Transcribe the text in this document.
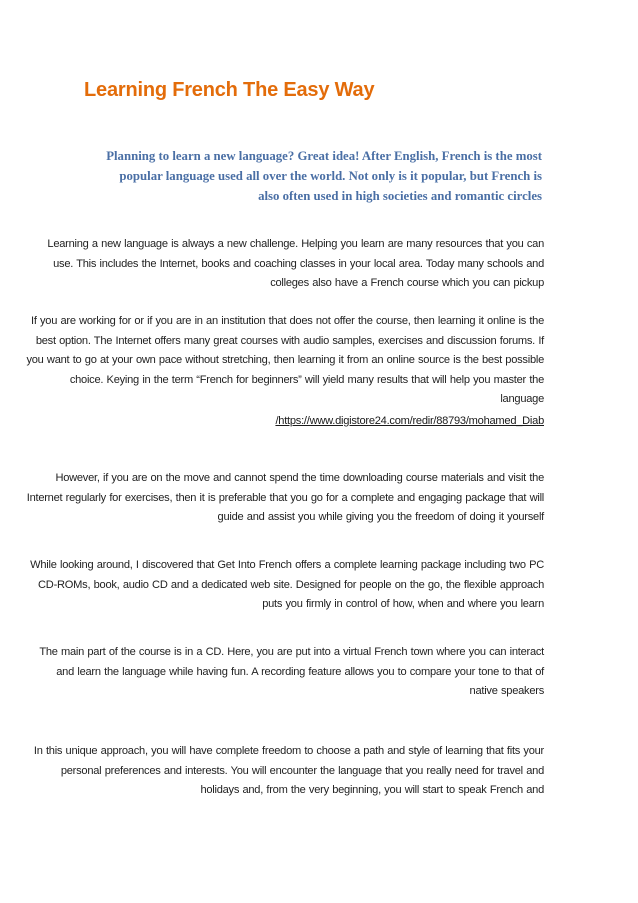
Learning French The Easy Way
Planning to learn a new language? Great idea! After English, French is the most popular language used all over the world. Not only is it popular, but French is also often used in high societies and romantic circles
Learning a new language is always a new challenge. Helping you learn are many resources that you can use. This includes the Internet, books and coaching classes in your local area. Today many schools and colleges also have a French course which you can pickup
If you are working for or if you are in an institution that does not offer the course, then learning it online is the best option. The Internet offers many great courses with audio samples, exercises and discussion forums. If you want to go at your own pace without stretching, then learning it from an online source is the best possible choice. Keying in the term “French for beginners” will yield many results that will help you master the language
/https://www.digistore24.com/redir/88793/mohamed_Diab
However, if you are on the move and cannot spend the time downloading course materials and visit the Internet regularly for exercises, then it is preferable that you go for a complete and engaging package that will guide and assist you while giving you the freedom of doing it yourself
While looking around, I discovered that Get Into French offers a complete learning package including two PC CD-ROMs, book, audio CD and a dedicated web site. Designed for people on the go, the flexible approach puts you firmly in control of how, when and where you learn
The main part of the course is in a CD. Here, you are put into a virtual French town where you can interact and learn the language while having fun. A recording feature allows you to compare your tone to that of native speakers
In this unique approach, you will have complete freedom to choose a path and style of learning that fits your personal preferences and interests. You will encounter the language that you really need for travel and holidays and, from the very beginning, you will start to speak French and
